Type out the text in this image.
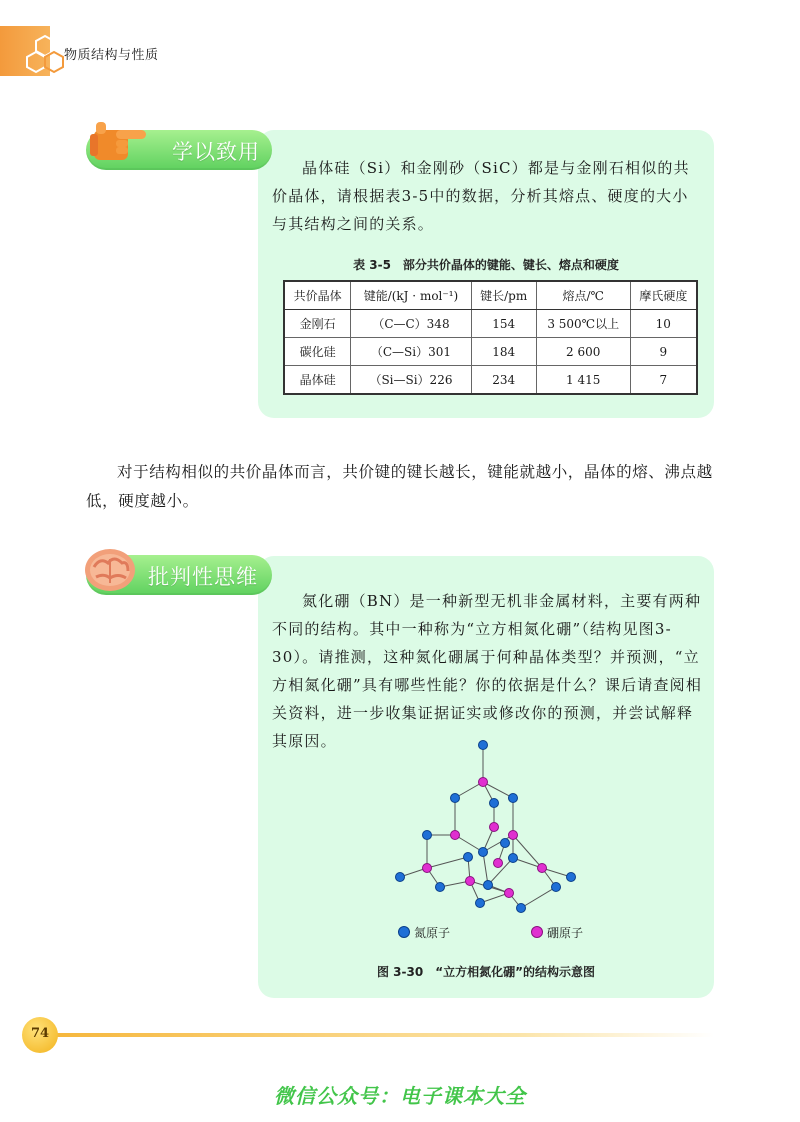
物质结构与性质
学以致用

晶体硅（Si）和金刚砂（SiC）都是与金刚石相似的共价晶体，请根据表3-5中的数据，分析其熔点、硬度的大小与其结构之间的关系。

表 3-5　部分共价晶体的键能、键长、熔点和硬度
共价晶体	键能/(kJ · mol⁻¹)	键长/pm	熔点/℃	摩氏硬度
金刚石	（C—C）348	154	3 500℃以上	10
碳化硅	（C—Si）301	184	2 600	9
晶体硅	（Si—Si）226	234	1 415	7

对于结构相似的共价晶体而言，共价键的键长越长，键能就越小，晶体的熔、沸点越低，硬度越小。

批判性思维

氮化硼（BN）是一种新型无机非金属材料，主要有两种不同的结构。其中一种称为“立方相氮化硼”（结构见图3-30）。请推测，这种氮化硼属于何种晶体类型？并预测，“立方相氮化硼”具有哪些性能？你的依据是什么？课后请查阅相关资料，进一步收集证据证实或修改你的预测，并尝试解释其原因。

氮原子	硼原子
图 3-30　“立方相氮化硼”的结构示意图
74
微信公众号：电子课本大全
